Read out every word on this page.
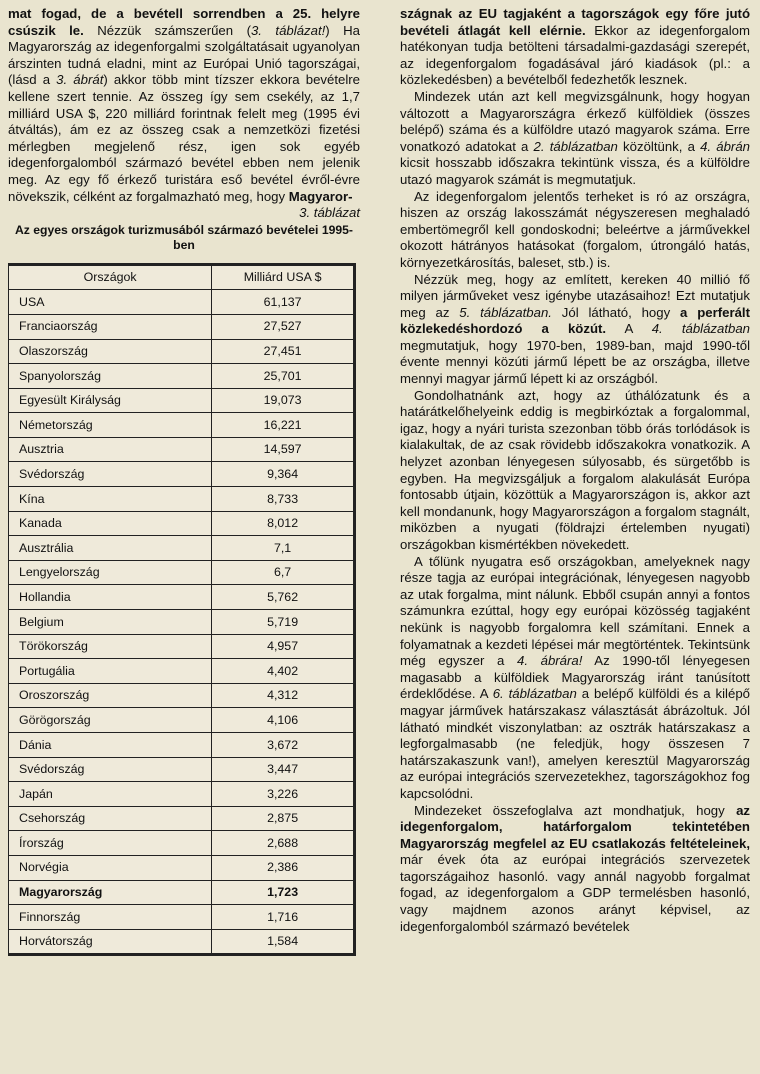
mat fogad, de a bevétell sorrendben a 25. helyre csúszik le. Nézzük számszerűen (3. táblázat!) Ha Magyarország az idegenforgalmi szolgáltatásait ugyanolyan árszinten tudná eladni, mint az Európai Unió tagországai, (lásd a 3. ábrát) akkor több mint tízszer ekkora bevételre kellene szert tennie. Az összeg így sem csekély, az 1,7 milliárd USA $, 220 milliárd forintnak felelt meg (1995 évi átváltás), ám ez az összeg csak a nemzetközi fizetési mérlegben megjelenő rész, igen sok egyéb idegenforgalomból származó bevétel ebben nem jelenik meg. Az egy fő érkező turistára eső bevétel évről-évre növekszik, célként az forgalmazható meg, hogy Magyaror-

3. táblázat

Az egyes országok turizmusából származó bevételei 1995-ben

Országok	Milliárd USA $
USA	61,137
Franciaország	27,527
Olaszország	27,451
Spanyolország	25,701
Egyesült Királyság	19,073
Németország	16,221
Ausztria	14,597
Svédország	9,364
Kína	8,733
Kanada	8,012
Ausztrália	7,1
Lengyelország	6,7
Hollandia	5,762
Belgium	5,719
Törökország	4,957
Portugália	4,402
Oroszország	4,312
Görögország	4,106
Dánia	3,672
Svédország	3,447
Japán	3,226
Csehország	2,875
Írország	2,688
Norvégia	2,386
Magyarország	1,723
Finnország	1,716
Horvátország	1,584

szágnak az EU tagjaként a tagországok egy főre jutó bevételi átlagát kell elérnie. Ekkor az idegenforgalom hatékonyan tudja betölteni társadalmi-gazdasági szerepét, az idegenforgalom fogadásával járó kiadások (pl.: a közlekedésben) a bevételből fedezhetők lesznek.

Mindezek után azt kell megvizsgálnunk, hogy hogyan változott a Magyarországra érkező külföldiek (összes belépő) száma és a külföldre utazó magyarok száma. Erre vonatkozó adatokat a 2. táblázatban közöltünk, a 4. ábrán kicsit hosszabb időszakra tekintünk vissza, és a külföldre utazó magyarok számát is megmutatjuk.

Az idegenforgalom jelentős terheket is ró az országra, hiszen az ország lakosszámát négyszeresen meghaladó embertömegről kell gondoskodni; beleértve a járművekkel okozott hátrányos hatásokat (forgalom, útrongáló hatás, környezetkárosítás, baleset, stb.) is.

Nézzük meg, hogy az említett, kereken 40 millió fő milyen járműveket vesz igénybe utazásaihoz! Ezt mutatjuk meg az 5. táblázatban. Jól látható, hogy a perferált közlekedéshordozó a közút. A 4. táblázatban megmutatjuk, hogy 1970-ben, 1989-ban, majd 1990-től évente mennyi közúti jármű lépett be az országba, illetve mennyi magyar jármű lépett ki az országból.

Gondolhatnánk azt, hogy az úthálózatunk és a határátkelőhelyeink eddig is megbirkóztak a forgalommal, igaz, hogy a nyári turista szezonban több órás torlódások is kialakultak, de az csak rövidebb időszakokra vonatkozik. A helyzet azonban lényegesen súlyosabb, és sürgetőbb is egyben. Ha megvizsgáljuk a forgalom alakulását Európa fontosabb útjain, közöttük a Magyarországon is, akkor azt kell mondanunk, hogy Magyarországon a forgalom stagnált, miközben a nyugati (földrajzi értelemben nyugati) országokban kismértékben növekedett.

A tőlünk nyugatra eső országokban, amelyeknek nagy része tagja az európai integrációnak, lényegesen nagyobb az utak forgalma, mint nálunk. Ebből csupán annyi a fontos számunkra ezúttal, hogy egy európai közösség tagjaként nekünk is nagyobb forgalomra kell számítani. Ennek a folyamatnak a kezdeti lépései már megtörténtek. Tekintsünk még egyszer a 4. ábrára! Az 1990-től lényegesen magasabb a külföldiek Magyarország iránt tanúsított érdeklődése. A 6. táblázatban a belépő külföldi és a kilépő magyar járművek határszakasz választását ábrázoltuk. Jól látható mindkét viszonylatban: az osztrák határszakasz a legforgalmasabb (ne feledjük, hogy összesen 7 határszakaszunk van!), amelyen keresztül Magyarország az európai integrációs szervezetekhez, tagországokhoz fog kapcsolódni.

Mindezeket összefoglalva azt mondhatjuk, hogy az idegenforgalom, határforgalom tekintetében Magyarország megfelel az EU csatlakozás feltételeinek, már évek óta az európai integrációs szervezetek tagországaihoz hasonló. vagy annál nagyobb forgalmat fogad, az idegenforgalom a GDP termelésben hasonló, vagy majdnem azonos arányt képvisel, az idegenforgalomból származó bevételek
